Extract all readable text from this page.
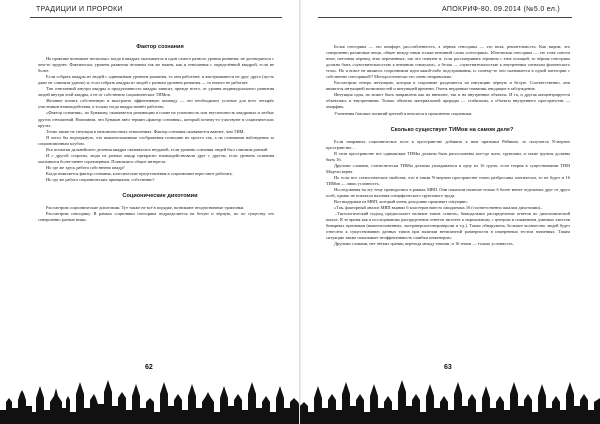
ТРАДИЦИИ И ПРОРОКИ

Фактор сознания

На практике возникает несколько: когда в квадрах оказывается и один самого разного уровня развития, не договориться с чем-то труднее. Фактически, уровень развития человека так же важен, как и отношения с определённой квадрой, если не более.

Если собрать квадры из людей с одинаковым уровнем развития, то они работают, и выстраиваются не друг друга (пусть даже не слишком удачно) и, если собрать квадры из людей с разным уровнем развития — то ничего не работает.

Тип отношений внутри квадры и продуктивность квадры зависят, прежде всего, от уровня индивидуального развития людей внутри этой квадры, а не от собственно соционических ТИМов.

Желание понять собственную и выстроить эффективную команду — это необходимое условие для всех четырёх участников взаимодействия, и только тогда квадра начнёт работать.

«Фактор сознания», по Бунакову, оказывается решающим в плане на успешность или неуспешность квадровых и любых других отношений. Напомним, что Бунаков ввёл термин «фактор сознания», который почему-то участвуют в соционических кругах.

Точно также не ситуация в межличностных отношениях. Фактор сознания оказывается важнее, чем ТИМ.

Я хотел бы подчеркнуть, что вышеизложенные соображения позволяю не просто так, а на основании наблюдения за социономичным клубом.

Все попытки дальнейшего деления квадры оказывались неудачей, если уровень сознания людей был слишком разный.

И с другой стороны, люди из разных квадр прекрасно взаимодействовали друг с другом, если уровень сознания оказывался более-менее соразмерным. Появлялись общие интересы.

Но где же здесь работа собственно квадр?

Когда появляется фактор сознания, классические представления в социономии перестают работать.

Но где же работа соционических принципов, собственно?

Соционические дихотомии

Рассмотрим соционические дихотомии. Тут также не всё в порядке, возникают неоднозначные трактовки.

Рассмотрим сенсорику. В рамках соционики сенсорика подразделяется на белую и чёрную, но по существу это совершенно разные вещи.

62
АПОКРИФ-80. 09.2014 (№5.0 ел.)

Белая сенсорика — это комфорт, расслабленность, а чёрная сенсорика — это воля, решительность. Как видим, это совершенно различные вещи, общее между ними только внешний слова «сенсорика». Юнговская сенсорика — это тоже совсем иное, неточная перевод этих переменных, так что понятие и, если рассматривать термины с этих позиций, то чёрная сенсорика должна быть «чувствительностью к внешним стимулам», а белая — «чувствительностью к внутренним сигналам физического тела». Но я вовсе не являюсь сторонником идеи какой-либо подстраивания, и, почему-то оно оказывается в одной категории с собственно сенсорикой?! Методологически это очень неправильно.

Рассмотрим теперь интуицию, которая в соционике разделяется на интуицию чёрную и белую. Соответственно, они являются интуицией возможностей и интуицией времени. Очень неудачные названия, вводящие в заблуждение.

Интуиция одна, но может быть направлена как на внешнее, так и на внутренние объекты. И та, и другая концентрируется объектами, и внутренними. Только объекты материальной природы — стабильны, а объекты внутреннего пространства — аморфны.

Уточнения базовых понятий третьей и вносятся в прояснение соционики.

Сколько существует ТИМов на самом деле?

Если направить соционическое поле в пространстве добавить к ним признаки Рейнина, то получится N-мерное пространство...

В этом пространстве все одинаковые ТИМы должны быть расположены кое-где поно, группами, и такие группы должны быть 16.

Другими словами, статистически ТИМы должны укладываться в одну из 16 групп, если теория в существовании ТИМ Модели верна.

Но если все статистические свойства, что в таком N-мерном пространстве точно разбросаны хаотически, то не будет и 16 ТИМов — лишь условность.

Исследования на эту тему проводились в рамках МВП. Они показали наличие только 6 более менее отдельных друг от друга осей, однако не показали наличия специфического группового труда.

Вот выдержки из МВП, который очень доходчиво проясняет ситуацию:

«Так, факторный анализ МВП выявил 6 кластеров вместо ожидаемых 16 (соответственно шкалам дихотомии)...

...Типологический подход предполагает наличие типов «типов», бимодальное распределение ответов по дихотомической шкале. В то время как в исследованиях распределение ответов тяготеет к нормальному с центром и снижением длинных хвостов бинарных признаков (вышеизложенных, экстраверсии-интроверсии и т.д.). Также обнаружена, большее количество людей будет отнесено к существованию данных типов при наличии нетипичной размерности в измеренных тестом значениях. Таким ситуацию также показывает неэффективность ошибки инженеров»

Другими словами, нет чётких границ перехода между типами, и 16 типов — только условность.

63
